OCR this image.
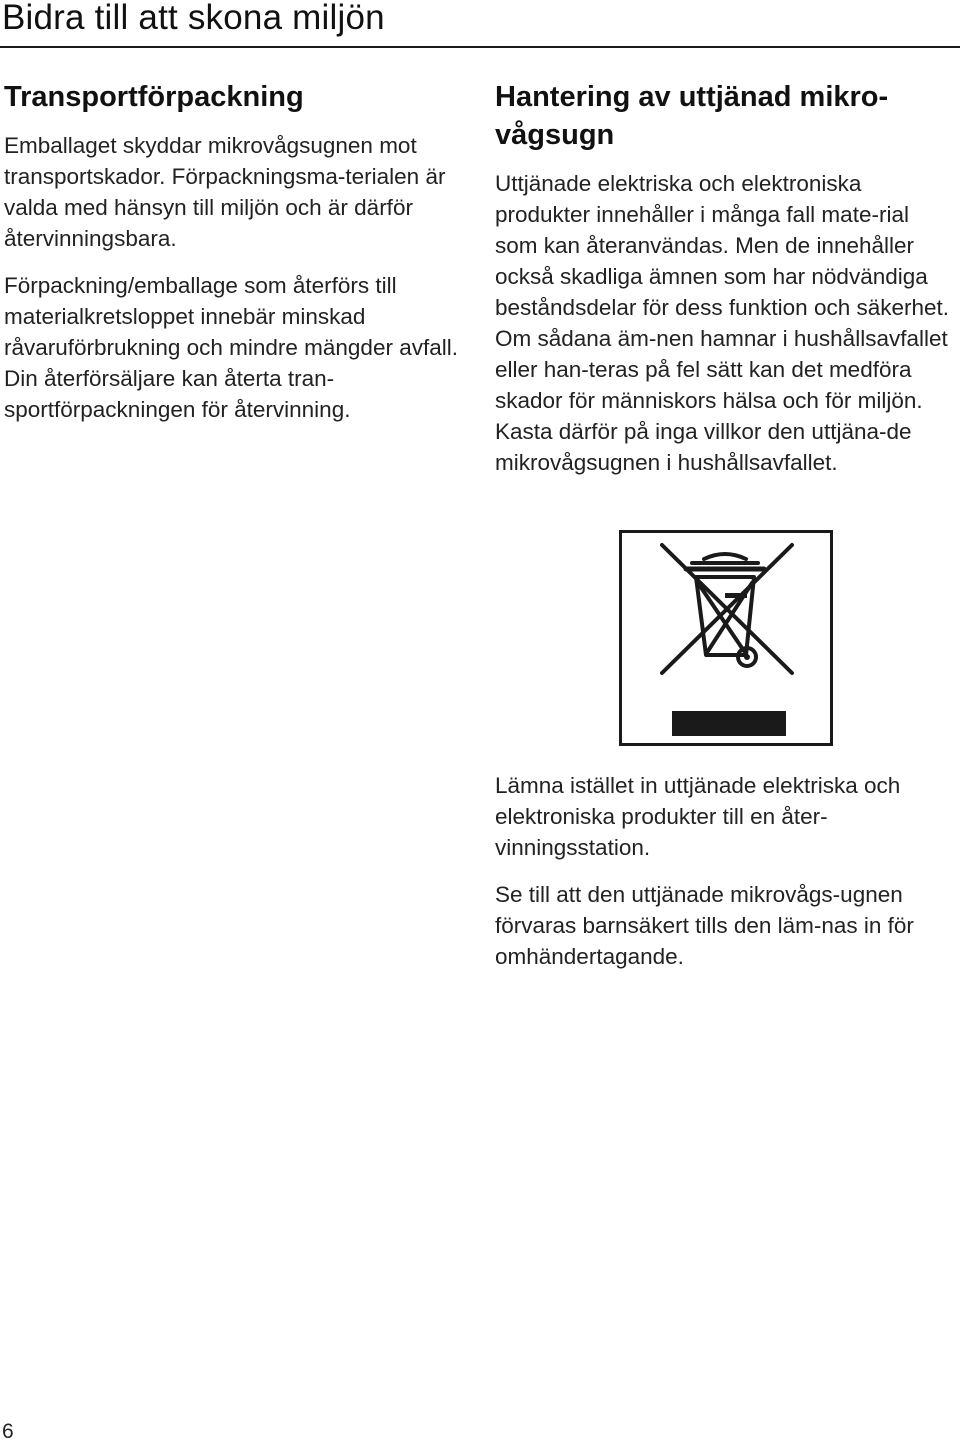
Bidra till att skona miljön
Transportförpackning

Emballaget skyddar mikrovågsugnen mot transportskador. Förpackningsma-terialen är valda med hänsyn till miljön och är därför återvinningsbara.

Förpackning/emballage som återförs till materialkretsloppet innebär minskad råvaruförbrukning och mindre mängder avfall. Din återförsäljare kan återta tran-sportförpackningen för återvinning.

Hantering av uttjänad mikro-vågsugn

Uttjänade elektriska och elektroniska produkter innehåller i många fall mate-rial som kan återanvändas. Men de innehåller också skadliga ämnen som har nödvändiga beståndsdelar för dess funktion och säkerhet. Om sådana äm-nen hamnar i hushållsavfallet eller han-teras på fel sätt kan det medföra skador för människors hälsa och för miljön. Kasta därför på inga villkor den uttjäna-de mikrovågsugnen i hushållsavfallet.

Lämna istället in uttjänade elektriska och elektroniska produkter till en åter-vinningsstation.

Se till att den uttjänade mikrovågs-ugnen förvaras barnsäkert tills den läm-nas in för omhändertagande.

6
